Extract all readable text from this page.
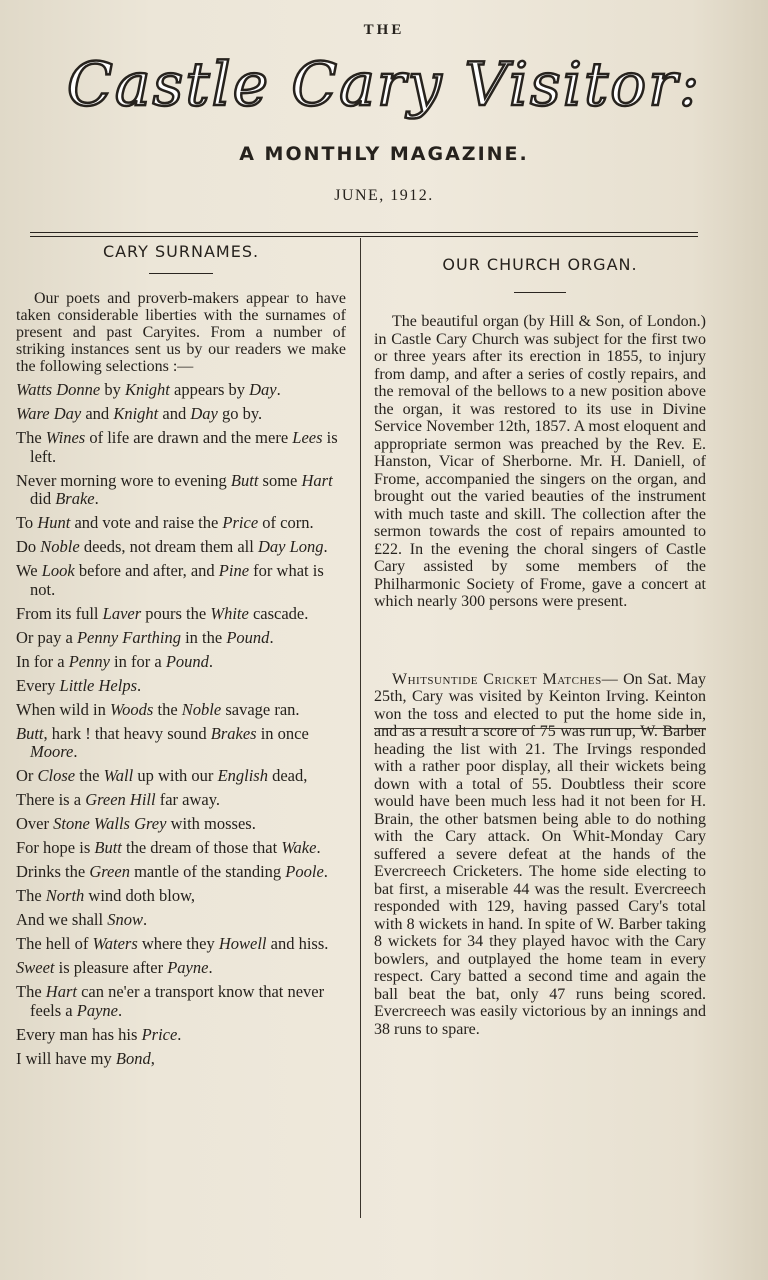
THE
Castle Cary Visitor:
A MONTHLY MAGAZINE.
JUNE, 1912.
CARY SURNAMES.

Our poets and proverb-makers appear to have taken considerable liberties with the surnames of present and past Caryites. From a number of striking instances sent us by our readers we make the following selections :—

Watts Donne by Knight appears by Day.
Ware Day and Knight and Day go by.
The Wines of life are drawn and the mere Lees is left.
Never morning wore to evening Butt some Hart did Brake.
To Hunt and vote and raise the Price of corn.
Do Noble deeds, not dream them all Day Long.
We Look before and after, and Pine for what is not.
From its full Laver pours the White cascade.
Or pay a Penny Farthing in the Pound.
In for a Penny in for a Pound.
Every Little Helps.
When wild in Woods the Noble savage ran.
Butt, hark ! that heavy sound Brakes in once Moore.
Or Close the Wall up with our English dead,
There is a Green Hill far away.
Over Stone Walls Grey with mosses.
For hope is Butt the dream of those that Wake.
Drinks the Green mantle of the standing Poole.
The North wind doth blow,
And we shall Snow.
The hell of Waters where they Howell and hiss.
Sweet is pleasure after Payne.
The Hart can ne'er a transport know that never feels a Payne.
Every man has his Price.
I will have my Bond,
OUR CHURCH ORGAN.

The beautiful organ (by Hill & Son, of London.) in Castle Cary Church was subject for the first two or three years after its erection in 1855, to injury from damp, and after a series of costly repairs, and the removal of the bellows to a new position above the organ, it was restored to its use in Divine Service November 12th, 1857. A most eloquent and appropriate sermon was preached by the Rev. E. Hanston, Vicar of Sherborne. Mr. H. Daniell, of Frome, accompanied the singers on the organ, and brought out the varied beauties of the instrument with much taste and skill. The collection after the sermon towards the cost of repairs amounted to £22. In the evening the choral singers of Castle Cary assisted by some members of the Philharmonic Society of Frome, gave a concert at which nearly 300 persons were present.

Whitsuntide Cricket Matches— On Sat. May 25th, Cary was visited by Keinton Irving. Keinton won the toss and elected to put the home side in, and as a result a score of 75 was run up, W. Barber heading the list with 21. The Irvings responded with a rather poor display, all their wickets being down with a total of 55. Doubtless their score would have been much less had it not been for H. Brain, the other batsmen being able to do nothing with the Cary attack. On Whit-Monday Cary suffered a severe defeat at the hands of the Evercreech Cricketers. The home side electing to bat first, a miserable 44 was the result. Evercreech responded with 129, having passed Cary's total with 8 wickets in hand. In spite of W. Barber taking 8 wickets for 34 they played havoc with the Cary bowlers, and outplayed the home team in every respect. Cary batted a second time and again the ball beat the bat, only 47 runs being scored. Evercreech was easily victorious by an innings and 38 runs to spare.
